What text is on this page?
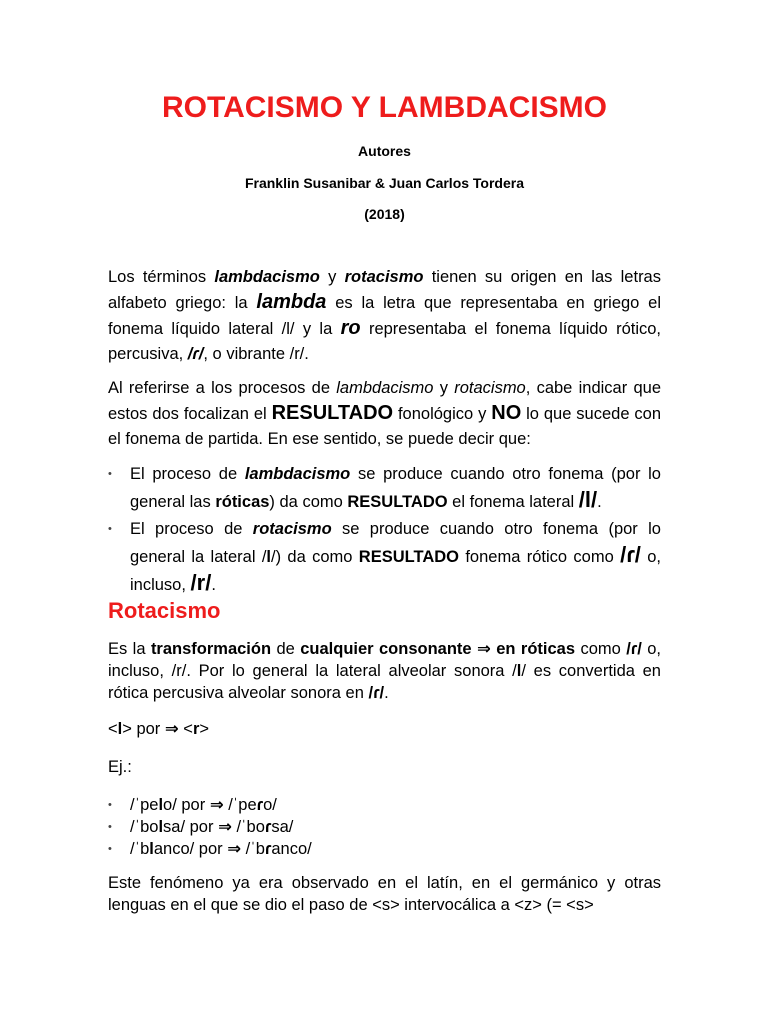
ROTACISMO Y LAMBDACISMO

Autores

Franklin Susanibar & Juan Carlos Tordera

(2018)

Los términos lambdacismo y rotacismo tienen su origen en las letras alfabeto griego: la lambda es la letra que representaba en griego el fonema líquido lateral /l/ y la ro representaba el fonema líquido rótico, percusiva, /ɾ/, o vibrante /r/.

Al referirse a los procesos de lambdacismo y rotacismo, cabe indicar que estos dos focalizan el RESULTADO fonológico y NO lo que sucede con el fonema de partida. En ese sentido, se puede decir que:

• El proceso de lambdacismo se produce cuando otro fonema (por lo general las róticas) da como RESULTADO el fonema lateral /l/.
• El proceso de rotacismo se produce cuando otro fonema (por lo general la lateral /l/) da como RESULTADO fonema rótico como /ɾ/ o, incluso, /r/.
Rotacismo

Es la transformación de cualquier consonante ⇒ en róticas como /ɾ/ o, incluso, /r/. Por lo general la lateral alveolar sonora /l/ es convertida en rótica percusiva alveolar sonora en /ɾ/.

<l> por ⇒ <r>

Ej.:

• /ˈpelo/ por ⇒ /ˈpeɾo/
• /ˈbolsa/ por ⇒ /ˈboɾsa/
• /ˈblanco/ por ⇒ /ˈbɾanco/

Este fenómeno ya era observado en el latín, en el germánico y otras lenguas en el que se dio el paso de <s> intervocálica a <z> (= <s>
